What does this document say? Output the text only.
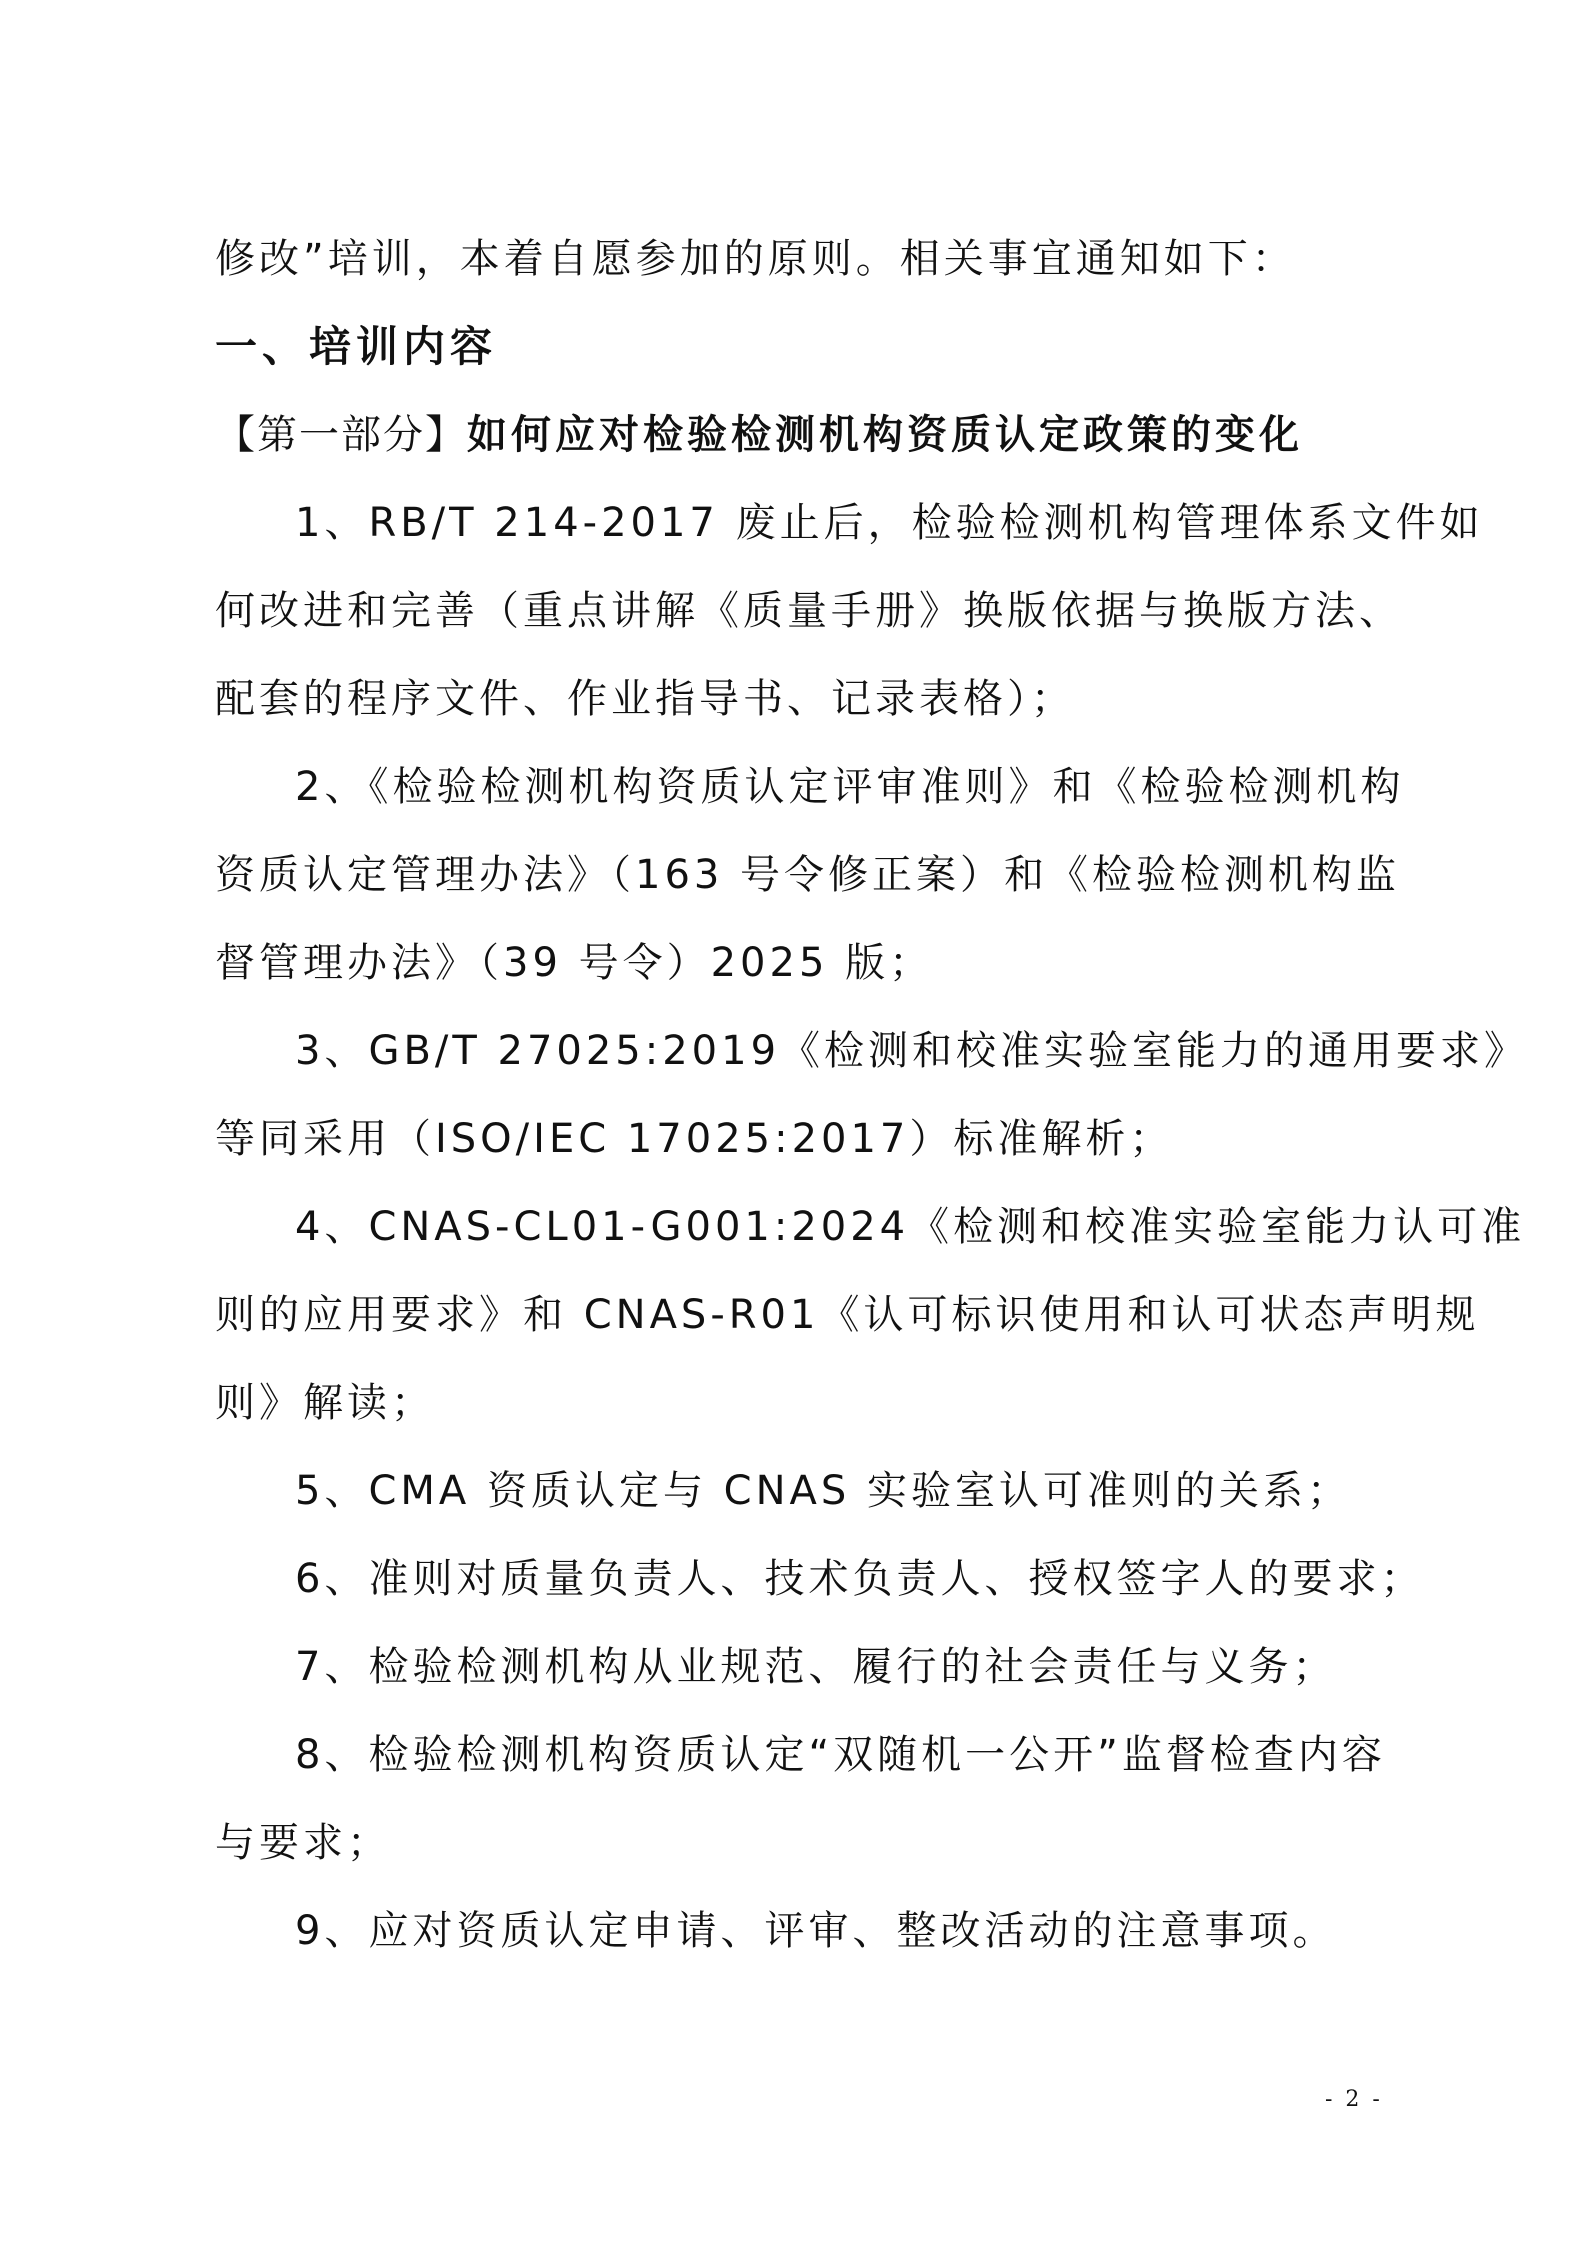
修改”培训，本着自愿参加的原则。相关事宜通知如下：
一、培训内容
【第一部分】如何应对检验检测机构资质认定政策的变化
1、RB/T 214-2017 废止后，检验检测机构管理体系文件如
何改进和完善（重点讲解《质量手册》换版依据与换版方法、
配套的程序文件、作业指导书、记录表格）；
2、《检验检测机构资质认定评审准则》和《检验检测机构
资质认定管理办法》（163 号令修正案）和《检验检测机构监
督管理办法》（39 号令）2025 版；
3、GB/T 27025:2019《检测和校准实验室能力的通用要求》
等同采用（ISO/IEC 17025:2017）标准解析；
4、CNAS-CL01-G001:2024《检测和校准实验室能力认可准
则的应用要求》和 CNAS-R01《认可标识使用和认可状态声明规
则》解读；
5、CMA 资质认定与 CNAS 实验室认可准则的关系；
6、准则对质量负责人、技术负责人、授权签字人的要求；
7、检验检测机构从业规范、履行的社会责任与义务；
8、检验检测机构资质认定“双随机一公开”监督检查内容
与要求；
9、应对资质认定申请、评审、整改活动的注意事项。
- 2 -
